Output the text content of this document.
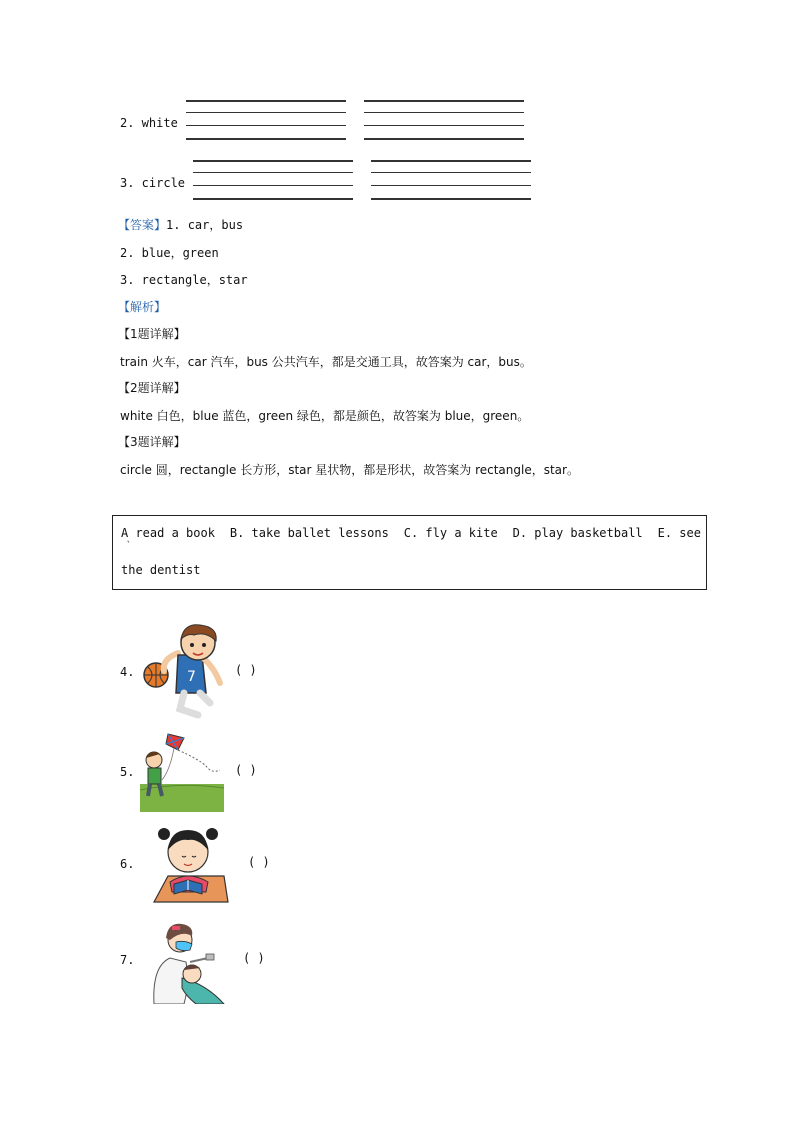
2. white
3. circle
【答案】1. car，bus
2. blue，green
3. rectangle，star
【解析】
【1题详解】
train 火车，car 汽车，bus 公共汽车，都是交通工具，故答案为 car，bus。
【2题详解】
white 白色，blue 蓝色，green 绿色，都是颜色，故答案为 blue，green。
【3题详解】
circle 圆，rectangle 长方形，star 星状物，都是形状，故答案为 rectangle，star。
A read a book B. take ballet lessons C. fly a kite D. play basketball E. see
`
the dentist
4.	7	( )
5.	( )
6.	( )
7.	( )
